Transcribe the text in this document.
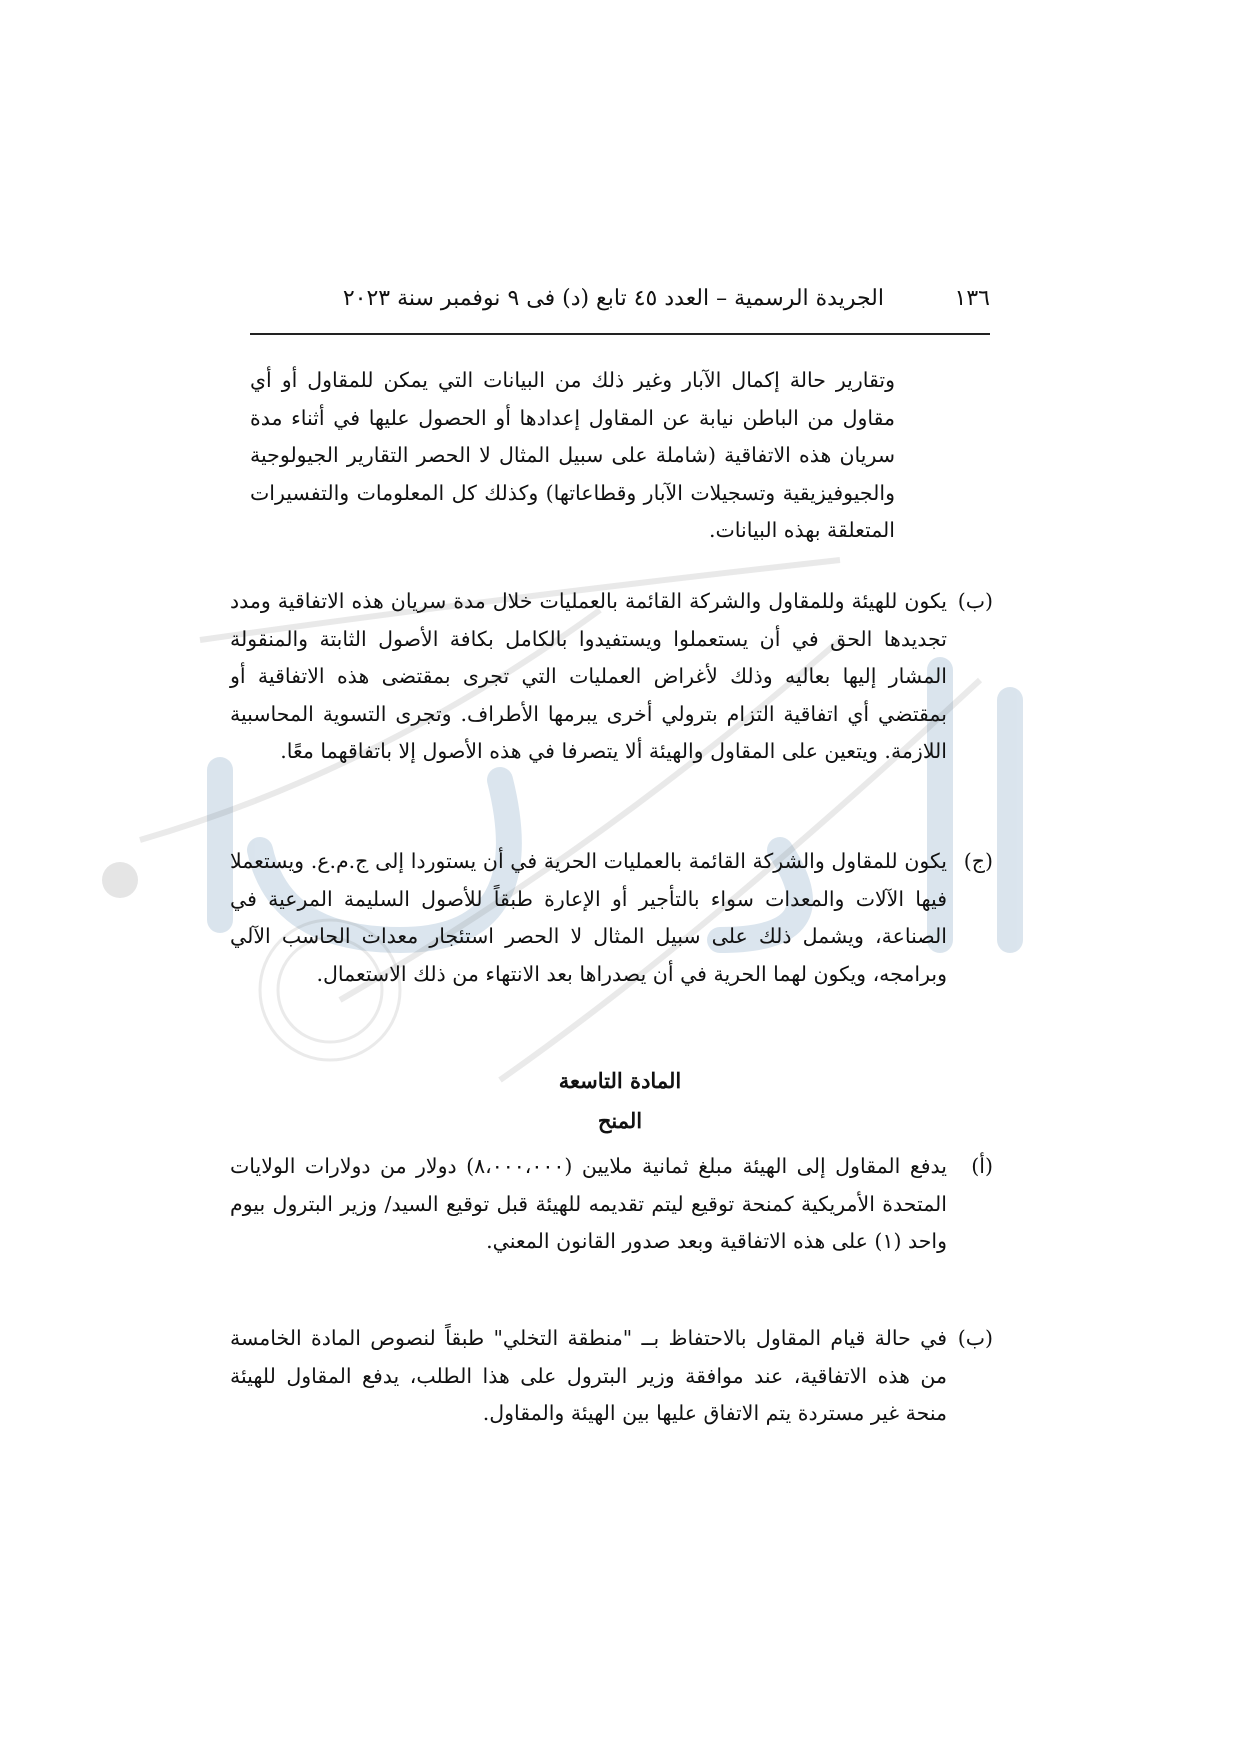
١٣٦
الجريدة الرسمية – العدد ٤٥ تابع (د) فى ٩ نوفمبر سنة ٢٠٢٣
وتقارير حالة إكمال الآبار وغير ذلك من البيانات التي يمكن للمقاول أو أي مقاول من الباطن نيابة عن المقاول إعدادها أو الحصول عليها في أثناء مدة سريان هذه الاتفاقية (شاملة على سبيل المثال لا الحصر التقارير الجيولوجية والجيوفيزيقية وتسجيلات الآبار وقطاعاتها) وكذلك كل المعلومات والتفسيرات المتعلقة بهذه البيانات.
(ب)
يكون للهيئة وللمقاول والشركة القائمة بالعمليات خلال مدة سريان هذه الاتفاقية ومدد تجديدها الحق في أن يستعملوا ويستفيدوا بالكامل بكافة الأصول الثابتة والمنقولة المشار إليها بعاليه وذلك لأغراض العمليات التي تجرى بمقتضى هذه الاتفاقية أو بمقتضي أي اتفاقية التزام بترولي أخرى يبرمها الأطراف. وتجرى التسوية المحاسبية اللازمة. ويتعين على المقاول والهيئة ألا يتصرفا في هذه الأصول إلا باتفاقهما معًا.
(ج)
يكون للمقاول والشركة القائمة بالعمليات الحرية في أن يستوردا إلى ج.م.ع. ويستعملا فيها الآلات والمعدات سواء بالتأجير أو الإعارة طبقاً للأصول السليمة المرعية في الصناعة، ويشمل ذلك على سبيل المثال لا الحصر استئجار معدات الحاسب الآلي وبرامجه، ويكون لهما الحرية في أن يصدراها بعد الانتهاء من ذلك الاستعمال.
المادة التاسعة
المنح
(أ)
يدفع المقاول إلى الهيئة مبلغ ثمانية ملايين (٨،٠٠٠،٠٠٠) دولار من دولارات الولايات المتحدة الأمريكية كمنحة توقيع ليتم تقديمه للهيئة قبل توقيع السيد/ وزير البترول بيوم واحد (١) على هذه الاتفاقية وبعد صدور القانون المعني.
(ب)
في حالة قيام المقاول بالاحتفاظ بــ "منطقة التخلي" طبقاً لنصوص المادة الخامسة من هذه الاتفاقية، عند موافقة وزير البترول على هذا الطلب، يدفع المقاول للهيئة منحة غير مستردة يتم الاتفاق عليها بين الهيئة والمقاول.
